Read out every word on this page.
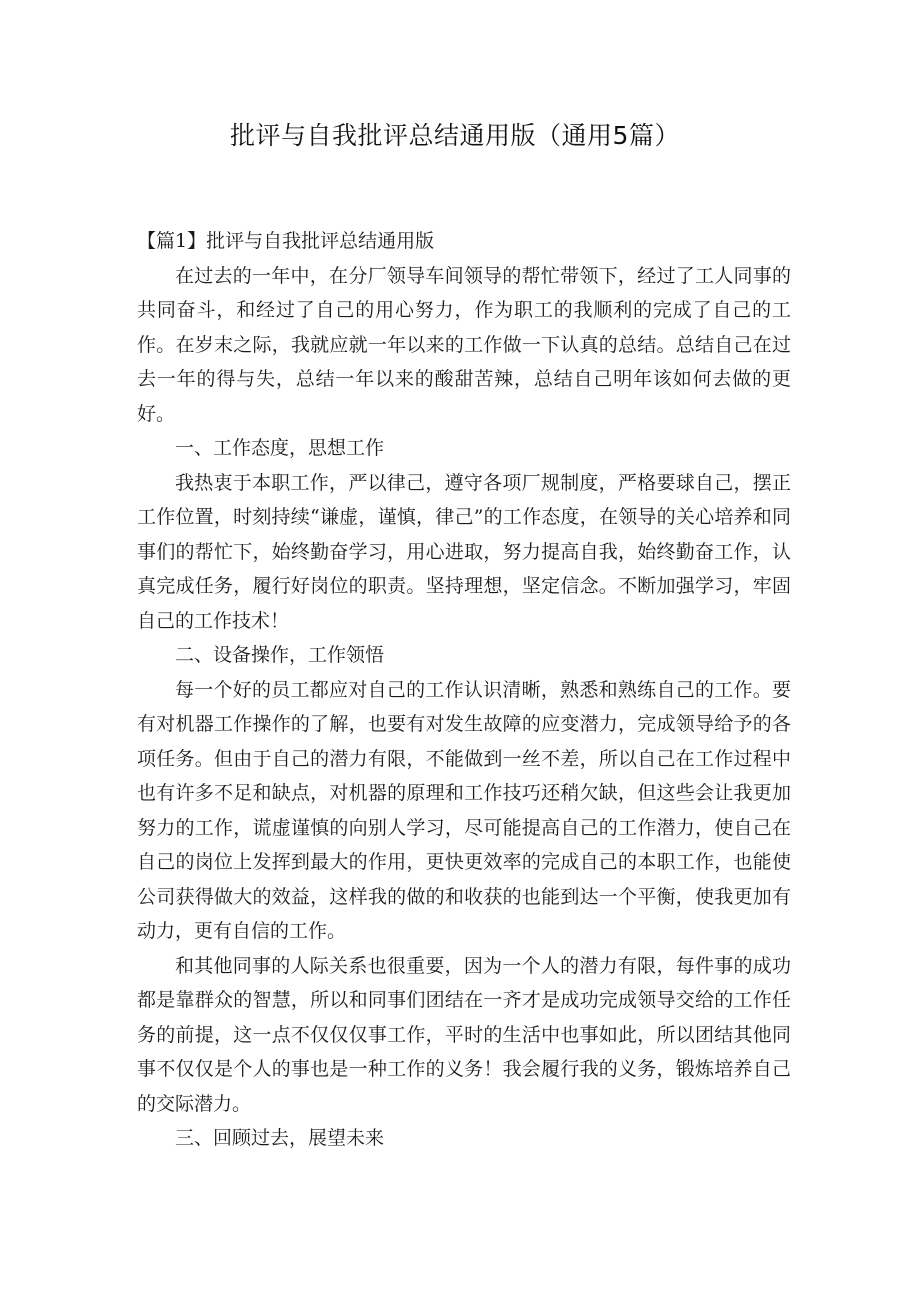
批评与自我批评总结通用版（通用5篇）

【篇1】批评与自我批评总结通用版

在过去的一年中，在分厂领导车间领导的帮忙带领下，经过了工人同事的共同奋斗，和经过了自己的用心努力，作为职工的我顺利的完成了自己的工作。在岁末之际，我就应就一年以来的工作做一下认真的总结。总结自己在过去一年的得与失，总结一年以来的酸甜苦辣，总结自己明年该如何去做的更好。

一、工作态度，思想工作

我热衷于本职工作，严以律己，遵守各项厂规制度，严格要球自己，摆正工作位置，时刻持续“谦虚，谨慎，律己”的工作态度，在领导的关心培养和同事们的帮忙下，始终勤奋学习，用心进取，努力提高自我，始终勤奋工作，认真完成任务，履行好岗位的职责。坚持理想，坚定信念。不断加强学习，牢固自己的工作技术！

二、设备操作，工作领悟

每一个好的员工都应对自己的工作认识清晰，熟悉和熟练自己的工作。要有对机器工作操作的了解，也要有对发生故障的应变潜力，完成领导给予的各项任务。但由于自己的潜力有限，不能做到一丝不差，所以自己在工作过程中也有许多不足和缺点，对机器的原理和工作技巧还稍欠缺，但这些会让我更加努力的工作，谎虚谨慎的向别人学习，尽可能提高自己的工作潜力，使自己在自己的岗位上发挥到最大的作用，更快更效率的完成自己的本职工作，也能使公司获得做大的效益，这样我的做的和收获的也能到达一个平衡，使我更加有动力，更有自信的工作。

和其他同事的人际关系也很重要，因为一个人的潜力有限，每件事的成功都是靠群众的智慧，所以和同事们团结在一齐才是成功完成领导交给的工作任务的前提，这一点不仅仅仅事工作，平时的生活中也事如此，所以团结其他同事不仅仅是个人的事也是一种工作的义务！我会履行我的义务，锻炼培养自己的交际潜力。

三、回顾过去，展望未来
